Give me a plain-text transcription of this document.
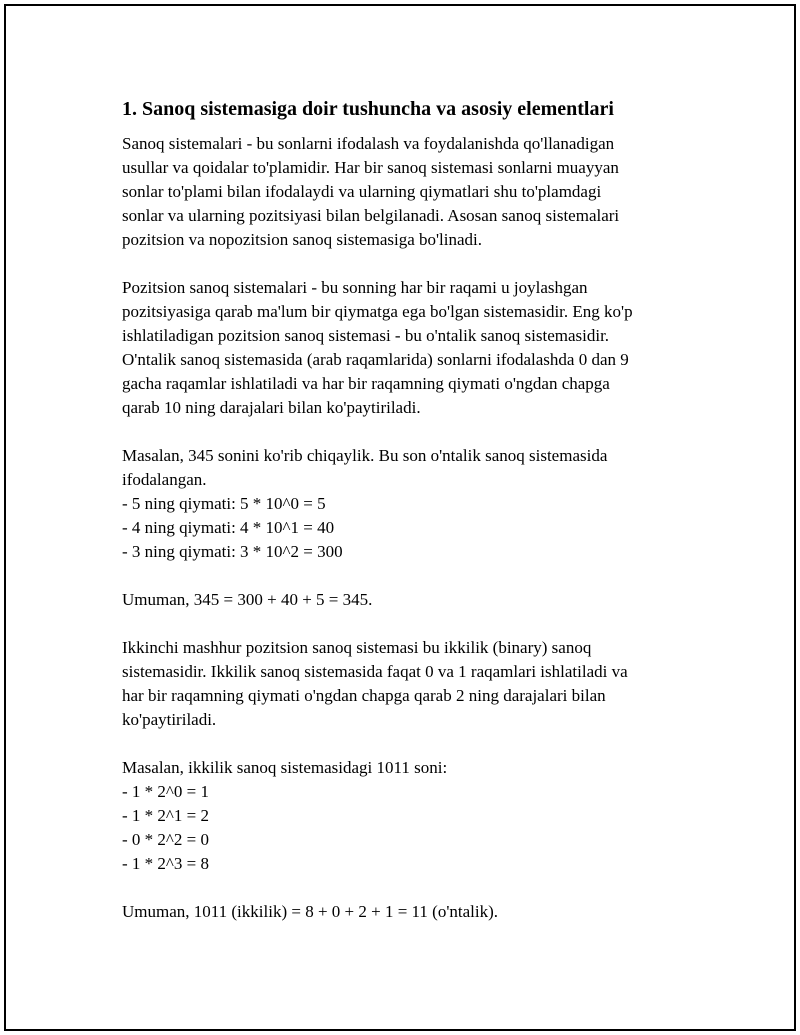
1. Sanoq sistemasiga doir tushuncha va asosiy elementlari

Sanoq sistemalari - bu sonlarni ifodalash va foydalanishda qo'llanadigan
usullar va qoidalar to'plamidir. Har bir sanoq sistemasi sonlarni muayyan
sonlar to'plami bilan ifodalaydi va ularning qiymatlari shu to'plamdagi
sonlar va ularning pozitsiyasi bilan belgilanadi. Asosan sanoq sistemalari
pozitsion va nopozitsion sanoq sistemasiga bo'linadi.

Pozitsion sanoq sistemalari - bu sonning har bir raqami u joylashgan
pozitsiyasiga qarab ma'lum bir qiymatga ega bo'lgan sistemasidir. Eng ko'p
ishlatiladigan pozitsion sanoq sistemasi - bu o'ntalik sanoq sistemasidir.
O'ntalik sanoq sistemasida (arab raqamlarida) sonlarni ifodalashda 0 dan 9
gacha raqamlar ishlatiladi va har bir raqamning qiymati o'ngdan chapga
qarab 10 ning darajalari bilan ko'paytiriladi.

Masalan, 345 sonini ko'rib chiqaylik. Bu son o'ntalik sanoq sistemasida
ifodalangan.
- 5 ning qiymati: 5 * 10^0 = 5
- 4 ning qiymati: 4 * 10^1 = 40
- 3 ning qiymati: 3 * 10^2 = 300

Umuman, 345 = 300 + 40 + 5 = 345.

Ikkinchi mashhur pozitsion sanoq sistemasi bu ikkilik (binary) sanoq
sistemasidir. Ikkilik sanoq sistemasida faqat 0 va 1 raqamlari ishlatiladi va
har bir raqamning qiymati o'ngdan chapga qarab 2 ning darajalari bilan
ko'paytiriladi.

Masalan, ikkilik sanoq sistemasidagi 1011 soni:
- 1 * 2^0 = 1
- 1 * 2^1 = 2
- 0 * 2^2 = 0
- 1 * 2^3 = 8

Umuman, 1011 (ikkilik) = 8 + 0 + 2 + 1 = 11 (o'ntalik).
